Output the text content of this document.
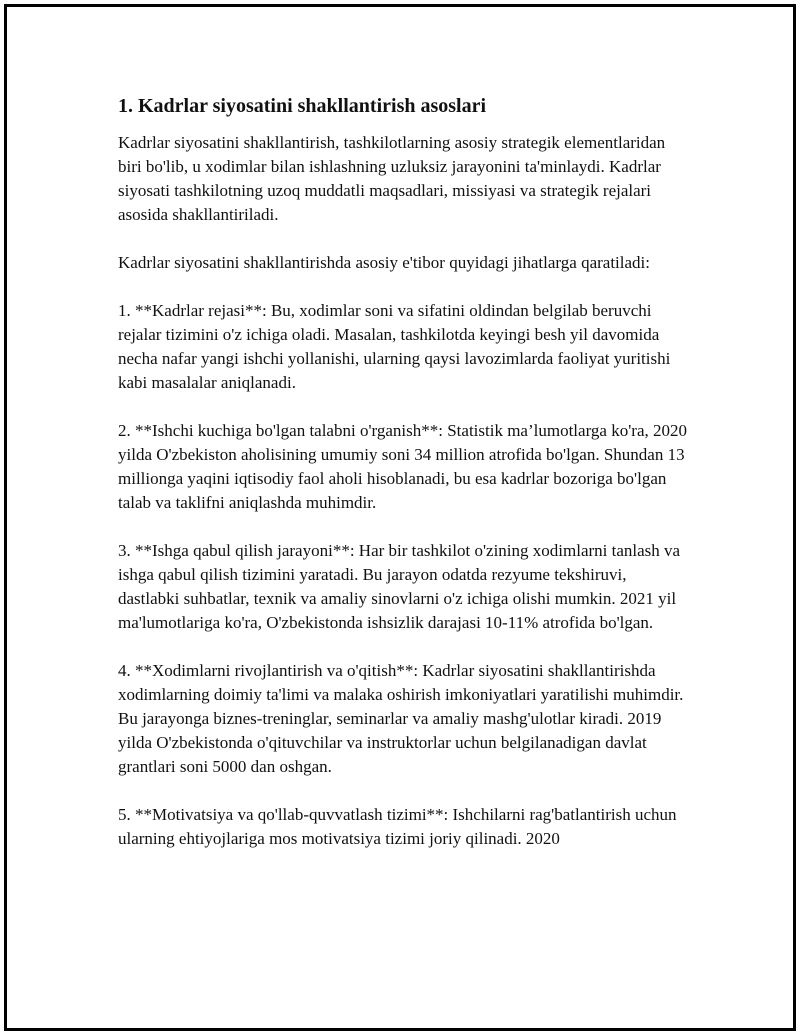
1. Kadrlar siyosatini shakllantirish asoslari

Kadrlar siyosatini shakllantirish, tashkilotlarning asosiy strategik elementlaridan biri bo'lib, u xodimlar bilan ishlashning uzluksiz jarayonini ta'minlaydi. Kadrlar siyosati tashkilotning uzoq muddatli maqsadlari, missiyasi va strategik rejalari asosida shakllantiriladi.

Kadrlar siyosatini shakllantirishda asosiy e'tibor quyidagi jihatlarga qaratiladi:

1. **Kadrlar rejasi**: Bu, xodimlar soni va sifatini oldindan belgilab beruvchi rejalar tizimini o'z ichiga oladi. Masalan, tashkilotda keyingi besh yil davomida necha nafar yangi ishchi yollanishi, ularning qaysi lavozimlarda faoliyat yuritishi kabi masalalar aniqlanadi.

2. **Ishchi kuchiga bo'lgan talabni o'rganish**: Statistik ma’lumotlarga ko'ra, 2020 yilda O'zbekiston aholisining umumiy soni 34 million atrofida bo'lgan. Shundan 13 millionga yaqini iqtisodiy faol aholi hisoblanadi, bu esa kadrlar bozoriga bo'lgan talab va taklifni aniqlashda muhimdir.

3. **Ishga qabul qilish jarayoni**: Har bir tashkilot o'zining xodimlarni tanlash va ishga qabul qilish tizimini yaratadi. Bu jarayon odatda rezyume tekshiruvi, dastlabki suhbatlar, texnik va amaliy sinovlarni o'z ichiga olishi mumkin. 2021 yil ma'lumotlariga ko'ra, O'zbekistonda ishsizlik darajasi 10-11% atrofida bo'lgan.

4. **Xodimlarni rivojlantirish va o'qitish**: Kadrlar siyosatini shakllantirishda xodimlarning doimiy ta'limi va malaka oshirish imkoniyatlari yaratilishi muhimdir. Bu jarayonga biznes-treninglar, seminarlar va amaliy mashg'ulotlar kiradi. 2019 yilda O'zbekistonda o'qituvchilar va instruktorlar uchun belgilanadigan davlat grantlari soni 5000 dan oshgan.

5. **Motivatsiya va qo'llab-quvvatlash tizimi**: Ishchilarni rag'batlantirish uchun ularning ehtiyojlariga mos motivatsiya tizimi joriy qilinadi. 2020
